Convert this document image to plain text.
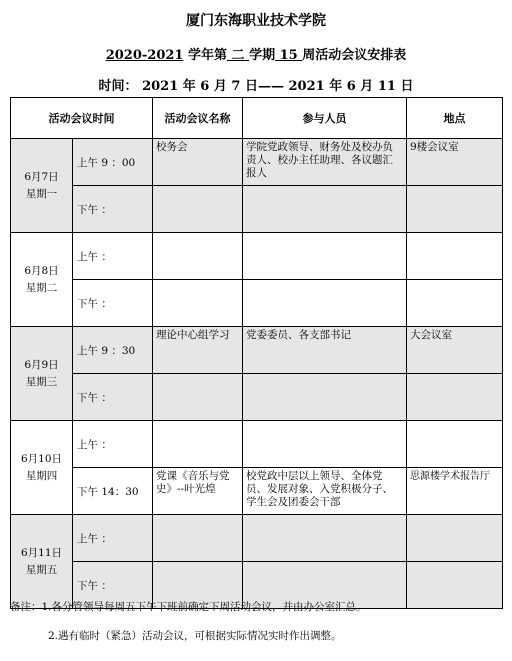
厦门东海职业技术学院
2020-2021 学年第 二 学期 15 周活动会议安排表
时间： 2021 年 6 月 7 日—— 2021 年 6 月 11 日
活动会议时间		活动会议名称	参与人员	地点

6月7日
星期一	上午 9 ：00	校务会	学院党政领导、财务处及校办负责人、校办主任助理、各议题汇报人	9楼会议室
	下午 ：			

6月8日
星期二	上午 ：			
	下午 ：			

6月9日
星期三	上午 9 ：30	理论中心组学习	党委委员、各支部书记	大会议室
	下午 ：			

6月10日
星期四	上午 ：			
	下午 14：30	党课《音乐与党史》--叶光煌	校党政中层以上领导、全体党员、发展对象、入党积极分子、学生会及团委会干部	思源楼学术报告厅

6月11日
星期五	上午 ：			
	下午 ：			
备注：1.各分管领导每周五下午下班前确定下周活动会议，并由办公室汇总。
2.遇有临时（紧急）活动会议，可根据实际情况实时作出调整。
